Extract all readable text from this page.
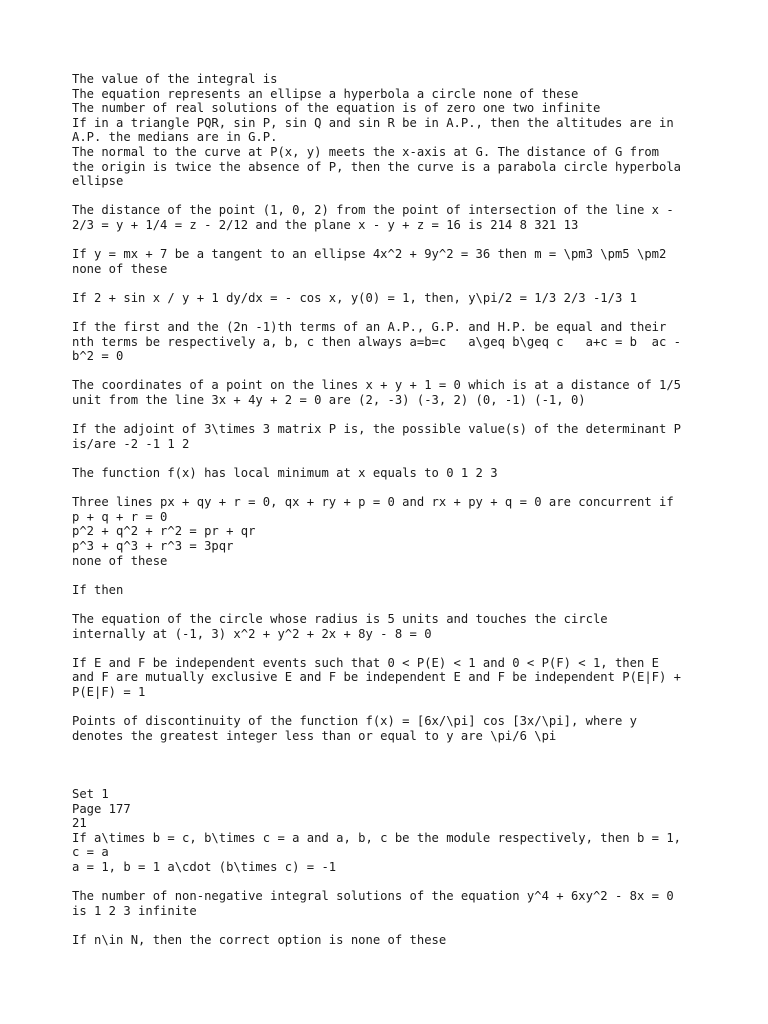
The value of the integral is
The equation represents an ellipse a hyperbola a circle none of these
The number of real solutions of the equation is of zero one two infinite
If in a triangle PQR, sin P, sin Q and sin R be in A.P., then the altitudes are in
A.P. the medians are in G.P.
The normal to the curve at P(x, y) meets the x-axis at G. The distance of G from
the origin is twice the absence of P, then the curve is a parabola circle hyperbola
ellipse
The distance of the point (1, 0, 2) from the point of intersection of the line x -
2/3 = y + 1/4 = z - 2/12 and the plane x - y + z = 16 is 214 8 321 13
If y = mx + 7 be a tangent to an ellipse 4x^2 + 9y^2 = 36 then m = \pm3 \pm5 \pm2
none of these
If 2 + sin x / y + 1 dy/dx = - cos x, y(0) = 1, then, y\pi/2 = 1/3 2/3 -1/3 1
If the first and the (2n -1)th terms of an A.P., G.P. and H.P. be equal and their
nth terms be respectively a, b, c then always a=b=c   a\geq b\geq c   a+c = b  ac -
b^2 = 0
The coordinates of a point on the lines x + y + 1 = 0 which is at a distance of 1/5
unit from the line 3x + 4y + 2 = 0 are (2, -3) (-3, 2) (0, -1) (-1, 0)
If the adjoint of 3\times 3 matrix P is, the possible value(s) of the determinant P
is/are -2 -1 1 2
The function f(x) has local minimum at x equals to 0 1 2 3
Three lines px + qy + r = 0, qx + ry + p = 0 and rx + py + q = 0 are concurrent if
p + q + r = 0
p^2 + q^2 + r^2 = pr + qr
p^3 + q^3 + r^3 = 3pqr
none of these
If then
The equation of the circle whose radius is 5 units and touches the circle
internally at (-1, 3) x^2 + y^2 + 2x + 8y - 8 = 0
If E and F be independent events such that 0 < P(E) < 1 and 0 < P(F) < 1, then E
and F are mutually exclusive E and F be independent E and F be independent P(E|F) +
P(E|F) = 1
Points of discontinuity of the function f(x) = [6x/\pi] cos [3x/\pi], where y
denotes the greatest integer less than or equal to y are \pi/6 \pi
Set 1
Page 177
21
If a\times b = c, b\times c = a and a, b, c be the module respectively, then b = 1,
c = a
a = 1, b = 1 a\cdot (b\times c) = -1
The number of non-negative integral solutions of the equation y^4 + 6xy^2 - 8x = 0
is 1 2 3 infinite
If n\in N, then the correct option is none of these
